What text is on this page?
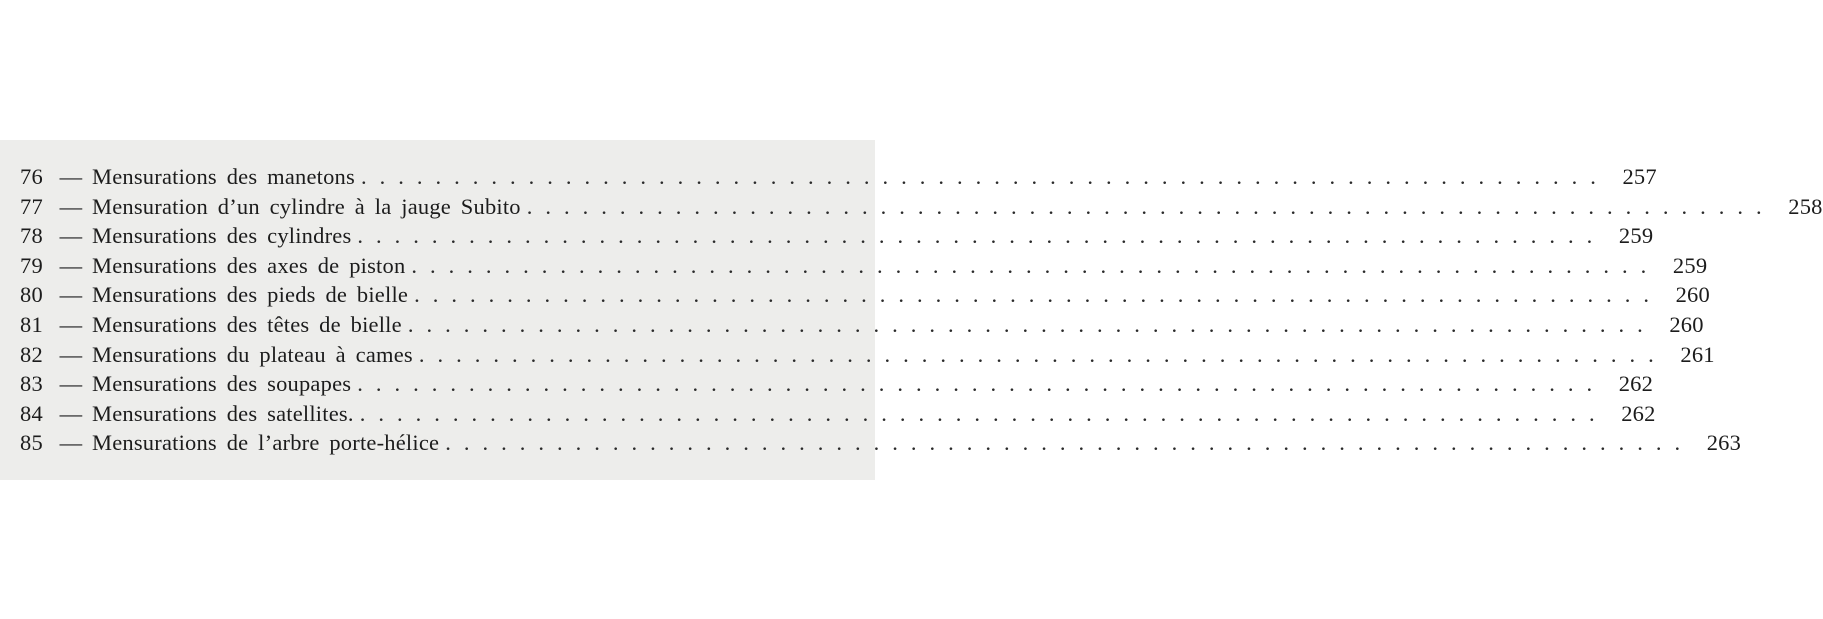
76 — Mensurations des manetons ................................................................... 257
77 — Mensuration d’un cylindre à la jauge Subito ................................................................... 258
78 — Mensurations des cylindres ................................................................... 259
79 — Mensurations des axes de piston ................................................................... 259
80 — Mensurations des pieds de bielle ................................................................... 260
81 — Mensurations des têtes de bielle ................................................................... 260
82 — Mensurations du plateau à cames ................................................................... 261
83 — Mensurations des soupapes ................................................................... 262
84 — Mensurations des satellites. ................................................................... 262
85 — Mensurations de l’arbre porte-hélice ................................................................... 263
